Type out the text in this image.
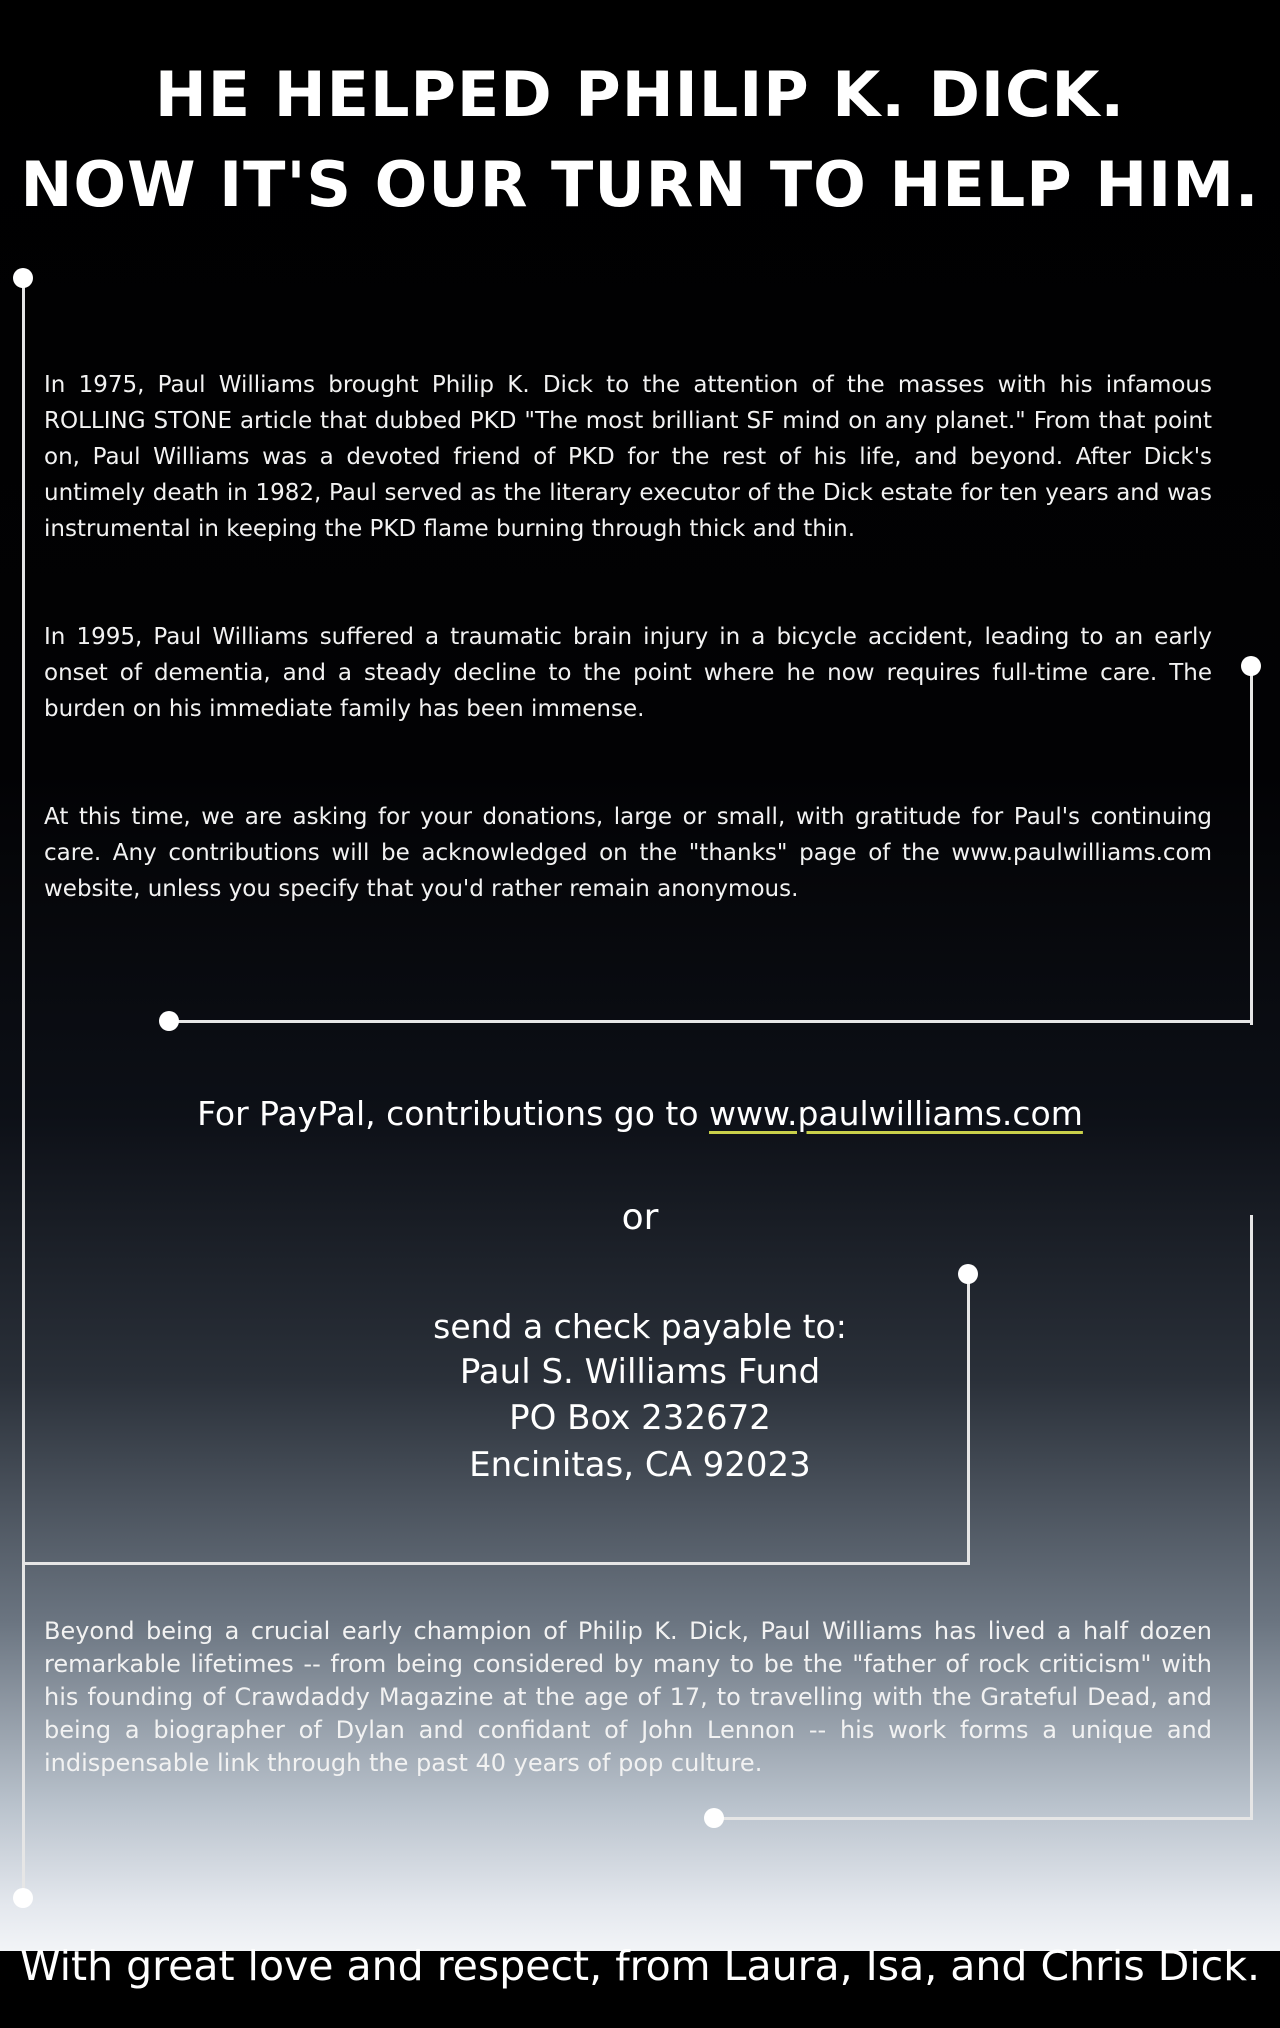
HE HELPED PHILIP K. DICK.
NOW IT'S OUR TURN TO HELP HIM.

In 1975, Paul Williams brought Philip K. Dick to the attention of the masses with his infamous ROLLING STONE article that dubbed PKD "The most brilliant SF mind on any planet." From that point on, Paul Williams was a devoted friend of PKD for the rest of his life, and beyond. After Dick's untimely death in 1982, Paul served as the literary executor of the Dick estate for ten years and was instrumental in keeping the PKD flame burning through thick and thin.

In 1995, Paul Williams suffered a traumatic brain injury in a bicycle accident, leading to an early onset of dementia, and a steady decline to the point where he now requires full-time care. The burden on his immediate family has been immense.

At this time, we are asking for your donations, large or small, with gratitude for Paul's continuing care. Any contributions will be acknowledged on the "thanks" page of the www.paulwilliams.com website, unless you specify that you'd rather remain anonymous.

For PayPal, contributions go to www.paulwilliams.com

or

send a check payable to:

Paul S. Williams Fund

PO Box 232672

Encinitas, CA 92023

Beyond being a crucial early champion of Philip K. Dick, Paul Williams has lived a half dozen remarkable lifetimes -- from being considered by many to be the "father of rock criticism" with his founding of Crawdaddy Magazine at the age of 17, to travelling with the Grateful Dead, and being a biographer of Dylan and confidant of John Lennon -- his work forms a unique and indispensable link through the past 40 years of pop culture.

With great love and respect, from Laura, Isa, and Chris Dick.
